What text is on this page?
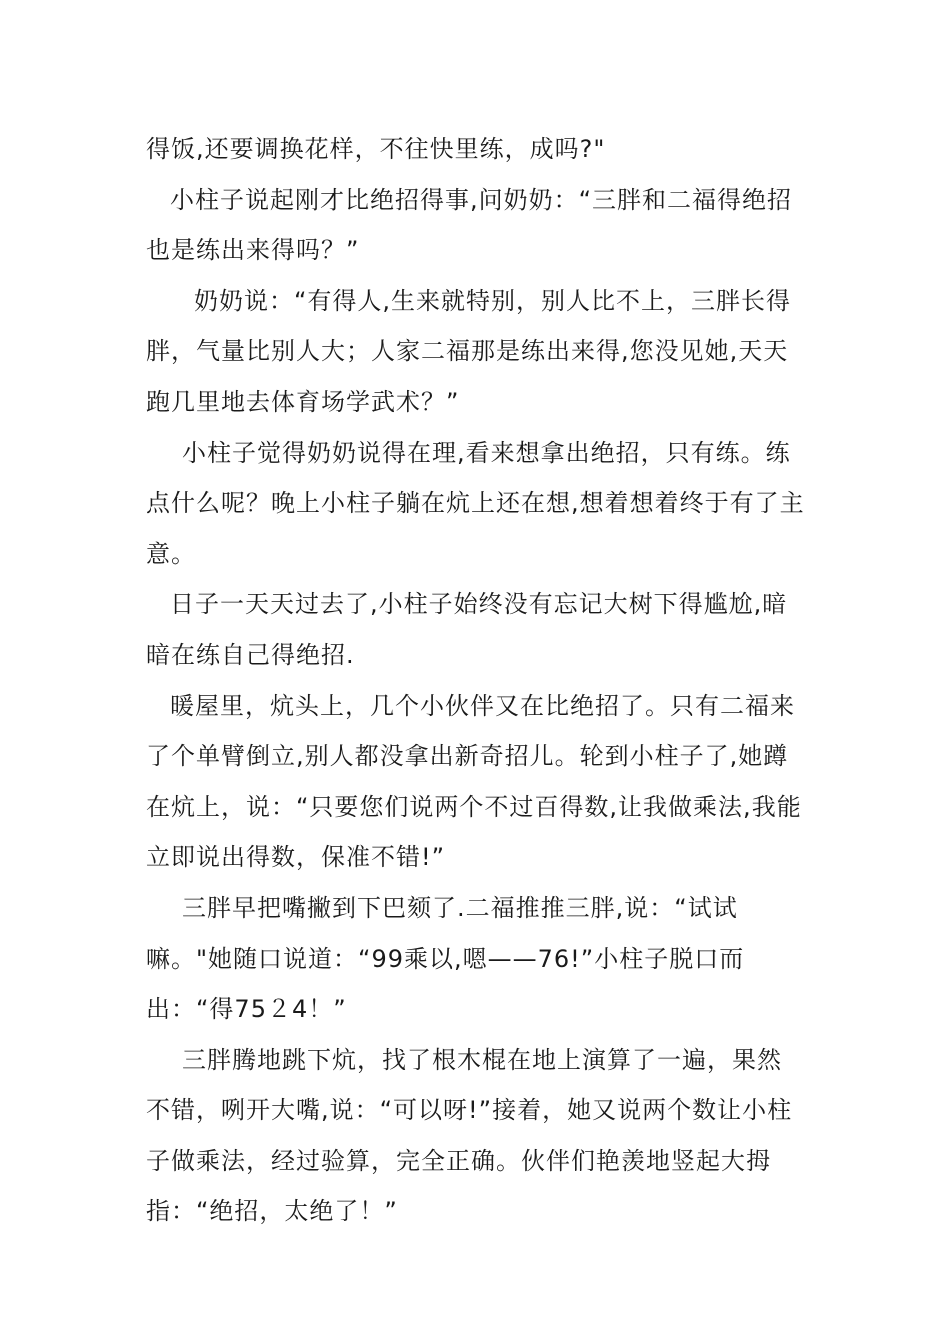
得饭,还要调换花样，不往快里练，成吗?"

小柱子说起刚才比绝招得事,问奶奶：“三胖和二福得绝招也是练出来得吗？”

奶奶说：“有得人,生来就特别，别人比不上，三胖长得胖，气量比别人大；人家二福那是练出来得,您没见她,天天跑几里地去体育场学武术？”

小柱子觉得奶奶说得在理,看来想拿出绝招，只有练。练点什么呢？晚上小柱子躺在炕上还在想,想着想着终于有了主意。

日子一天天过去了,小柱子始终没有忘记大树下得尴尬,暗暗在练自己得绝招.

暖屋里，炕头上，几个小伙伴又在比绝招了。只有二福来了个单臂倒立,别人都没拿出新奇招儿。轮到小柱子了,她蹲在炕上，说：“只要您们说两个不过百得数,让我做乘法,我能立即说出得数，保准不错!”

三胖早把嘴撇到下巴颏了.二福推推三胖,说：“试试嘛。"她随口说道：“99乘以,嗯——76!”小柱子脱口而出：“得75２4！”

三胖腾地跳下炕，找了根木棍在地上演算了一遍，果然不错，咧开大嘴,说：“可以呀!”接着，她又说两个数让小柱子做乘法，经过验算，完全正确。伙伴们艳羡地竖起大拇指：“绝招，太绝了！”
